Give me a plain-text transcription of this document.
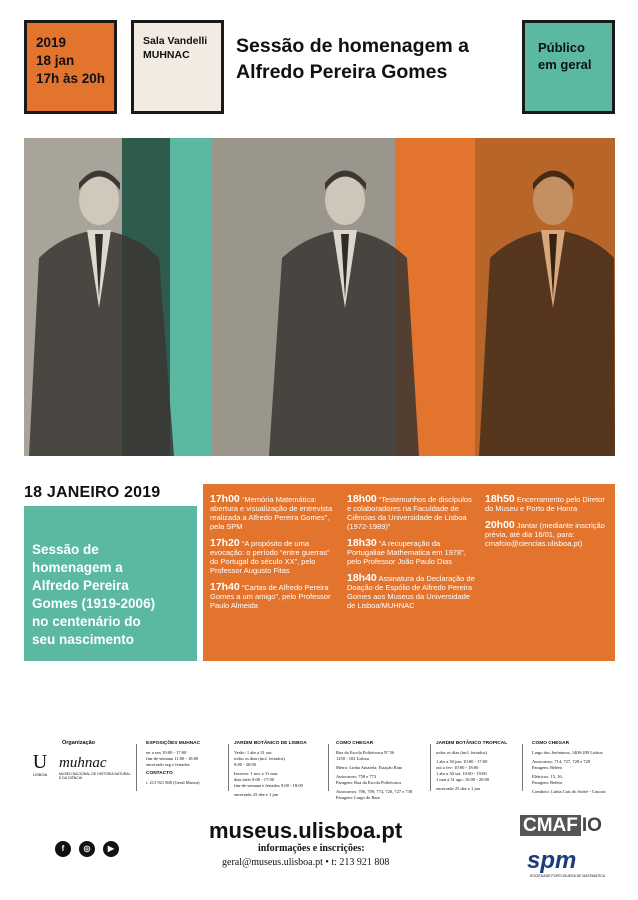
2019
18 jan
17h às 20h
Sala Vandelli
MUHNAC	Sessão de homenagem a
Alfredo Pereira Gomes
Público
em geral
18 JANEIRO 2019
Sessão de
homenagem a
Alfredo Pereira
Gomes (1919-2006)
no centenário do
seu nascimento
17h00 “Memória Matemática: abertura e visualização de entrevista realizada a Alfredo Pereira Gomes”, pela SPM
17h20 “A propósito de uma evocação: o período “entre guerras” do Portugal do século XX”, pelo Professor Augusto Fitas
17h40 “Cartas de Alfredo Pereira Gomes a um amigo”, pelo Professor Paulo Almeida
18h00 “Testemunhos de discípulos e colaboradores na Faculdade de Ciências da Universidade de Lisboa (1972-1989)”
18h30 “A recuperação da Portugaliae Mathematica em 1978”, pelo Professor João Paulo Dias
18h40 Assinatura da Declaração de Doação de Espólio de Alfredo Pereira Gomes aos Museus da Universidade de Lisboa/MUHNAC
18h50 Encerramento pelo Diretor do Museu e Porto de Honra
20h00 Jantar (mediante inscrição prévia, até dia 16/01, para: cmafcio@ciencias.ulisboa.pt)
Organização
U
LISBOA
muhnac
MUSEU NACIONAL DE HISTÓRIA NATURAL E DA CIÊNCIA
EXPOSIÇÕES MUHNAC
ter a sex 10:00 - 17:00
fim-de-semana 11:00 - 18:00
encerrado seg e feriados
CONTACTO
t. 213 921 800 (Geral Museu)
JARDIM BOTÂNICO DE LISBOA
Verão: 1 abr a 31 out
todos os dias (incl. feriados)
9:00 - 20:00
Inverno: 1 nov a 31 mar
dias úteis 9:00 - 17:00
fim-de-semana e feriados 9:00 - 18:00
encerrado 25 dez e 1 jan
COMO CHEGAR
Rua da Escola Politécnica Nº 56
1250 - 102 Lisboa
Metro: Linha Amarela: Estação Rato
Autocarros: 758 e 773
Paragem: Rua da Escola Politécnica
Autocarros: 706, 709, 774, 720, 727 e 738
Paragem: Largo do Rato
JARDIM BOTÂNICO TROPICAL
todos os dias (incl. feriados)
1 abr a 30 jun: 10:00 - 17:00
out a fev: 10:00 - 18:00
1 abr a 30 set: 10:00 - 19:00
1 mai a 31 ago: 10:00 - 20:00
encerrado 25 dez e 1 jan
COMO CHEGAR
Largo dos Jerónimos, 1400-209 Lisboa
Autocarros: 714, 727, 728 e 729
Paragem: Belém
Elétricos: 15, 16,
Paragem: Belém
Comboio: Linha Cais do Sodré - Cascais
f	◎	▶
museus.ulisboa.pt
informações e inscrições:
geral@museus.ulisboa.pt • t: 213 921 808
CMAF IO
spm
SOCIEDADE PORTUGUESA DE MATEMÁTICA
